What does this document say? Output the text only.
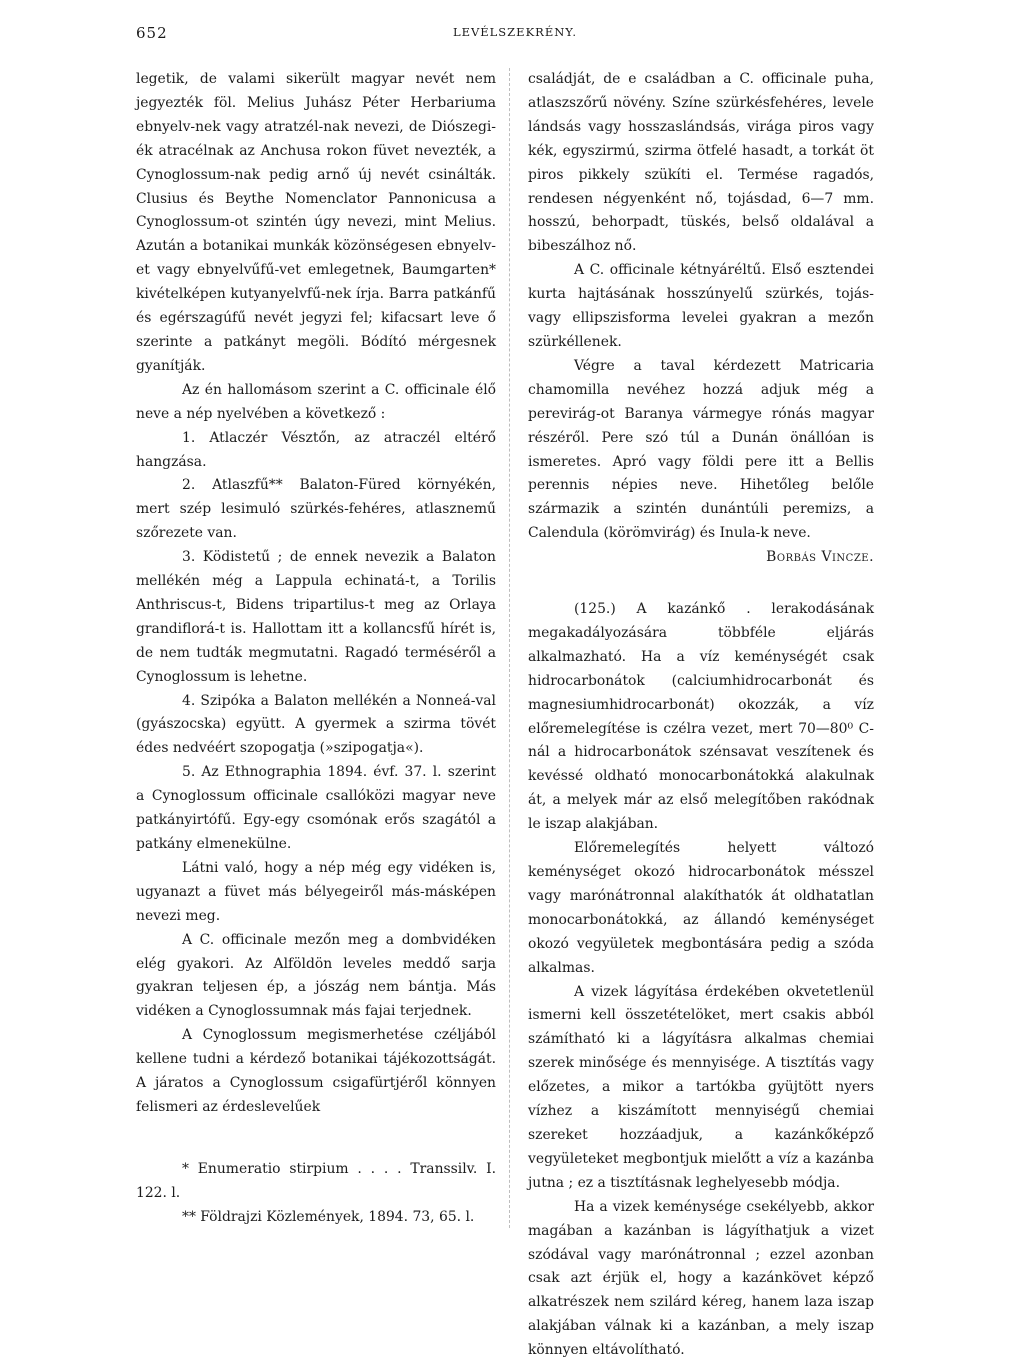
652	LEVÉLSZEKRÉNY.

legetik, de valami sikerült magyar nevét nem jegyezték föl. Melius Juhász Péter Herbariuma ebnyelv-nek vagy atratzél-nak nevezi, de Diószegi-ék atracélnak az Anchusa rokon füvet nevezték, a Cynoglossum-nak pedig arnő új nevét csinálták. Clusius és Beythe Nomenclator Pannonicusa a Cynoglossum-ot szintén úgy nevezi, mint Melius. Azután a botanikai munkák közönségesen ebnyelv-et vagy ebnyelvűfű-vet emlegetnek, Baumgarten* kivételképen kutyanyelvfű-nek írja. Barra patkánfű és egérszagúfű nevét jegyzi fel; kifacsart leve ő szerinte a patkányt megöli. Bódító mérgesnek gyanítják.

Az én hallomásom szerint a C. officinale élő neve a nép nyelvében a következő :

1. Atlaczér Vésztőn, az atraczél eltérő hangzása.

2. Atlaszfű** Balaton-Füred környékén, mert szép lesimuló szürkés-fehéres, atlasznemű szőrezete van.

3. Ködistetű ; de ennek nevezik a Balaton mellékén még a Lappula echinatá-t, a Torilis Anthriscus-t, Bidens tripartilus-t meg az Orlaya grandiflorá-t is. Hallottam itt a kollancsfű hírét is, de nem tudták megmutatni. Ragadó terméséről a Cynoglossum is lehetne.

4. Szipóka a Balaton mellékén a Nonneá-val (gyászocska) együtt. A gyermek a szirma tövét édes nedvéért szopogatja (»szipogatja«).

5. Az Ethnographia 1894. évf. 37. l. szerint a Cynoglossum officinale csallóközi magyar neve patkányirtófű. Egy-egy csomónak erős szagától a patkány elmenekülne.

Látni való, hogy a nép még egy vidéken is, ugyanazt a füvet más bélyegeiről más-másképen nevezi meg.

A C. officinale mezőn meg a dombvidéken elég gyakori. Az Alföldön leveles meddő sarja gyakran teljesen ép, a jószág nem bántja. Más vidéken a Cynoglossumnak más fajai terjednek.

A Cynoglossum megismerhetése czéljából kellene tudni a kérdező botanikai tájékozottságát. A járatos a Cynoglossum csigafürtjéről könnyen felismeri az érdeslevelűek

* Enumeratio stirpium . . . . Transsilv. I. 122. l.

** Földrajzi Közlemények, 1894. 73, 65. l.

családját, de e családban a C. officinale puha, atlaszszőrű növény. Színe szürkésfehéres, levele lándsás vagy hosszaslándsás, virága piros vagy kék, egyszirmú, szirma ötfelé hasadt, a torkát öt piros pikkely szükíti el. Termése ragadós, rendesen négyenként nő, tojásdad, 6—7 mm. hosszú, behorpadt, tüskés, belső oldalával a bibeszálhoz nő.

A C. officinale kétnyáréltű. Első esztendei kurta hajtásának hosszúnyelű szürkés, tojás- vagy ellipszisforma levelei gyakran a mezőn szürkéllenek.

Végre a taval kérdezett Matricaria chamomilla nevéhez hozzá adjuk még a perevirág-ot Baranya vármegye rónás magyar részéről. Pere szó túl a Dunán önállóan is ismeretes. Apró vagy földi pere itt a Bellis perennis népies neve. Hihetőleg belőle származik a szintén dunántúli peremizs, a Calendula (körömvirág) és Inula-k neve.

Borbás Vincze.

(125.) A kazánkő . lerakodásának megakadályozására többféle eljárás alkalmazható. Ha a víz keménységét csak hidrocarbonátok (calciumhidrocarbonát és magnesiumhidrocarbonát) okozzák, a víz előremelegítése is czélra vezet, mert 70—80⁰ C-nál a hidrocarbonátok szénsavat veszítenek és kevéssé oldható monocarbonátokká alakulnak át, a melyek már az első melegítőben rakódnak le iszap alakjában.

Előremelegítés helyett változó keménységet okozó hidrocarbonátok mésszel vagy marónátronnal alakíthatók át oldhatatlan monocarbonátokká, az állandó keménységet okozó vegyületek megbontására pedig a szóda alkalmas.

A vizek lágyítása érdekében okvetetlenül ismerni kell összetételöket, mert csakis abból számítható ki a lágyításra alkalmas chemiai szerek minősége és mennyisége. A tisztítás vagy előzetes, a mikor a tartókba gyüjtött nyers vízhez a kiszámított mennyiségű chemiai szereket hozzáadjuk, a kazánkőképző vegyületeket megbontjuk mielőtt a víz a kazánba jutna ; ez a tisztításnak leghelyesebb módja.

Ha a vizek keménysége csekélyebb, akkor magában a kazánban is lágyíthatjuk a vizet szódával vagy marónátronnal ; ezzel azonban csak azt érjük el, hogy a kazánkövet képző alkatrészek nem szilárd kéreg, hanem laza iszap alakjában válnak ki a kazánban, a mely iszap könnyen eltávolítható.
